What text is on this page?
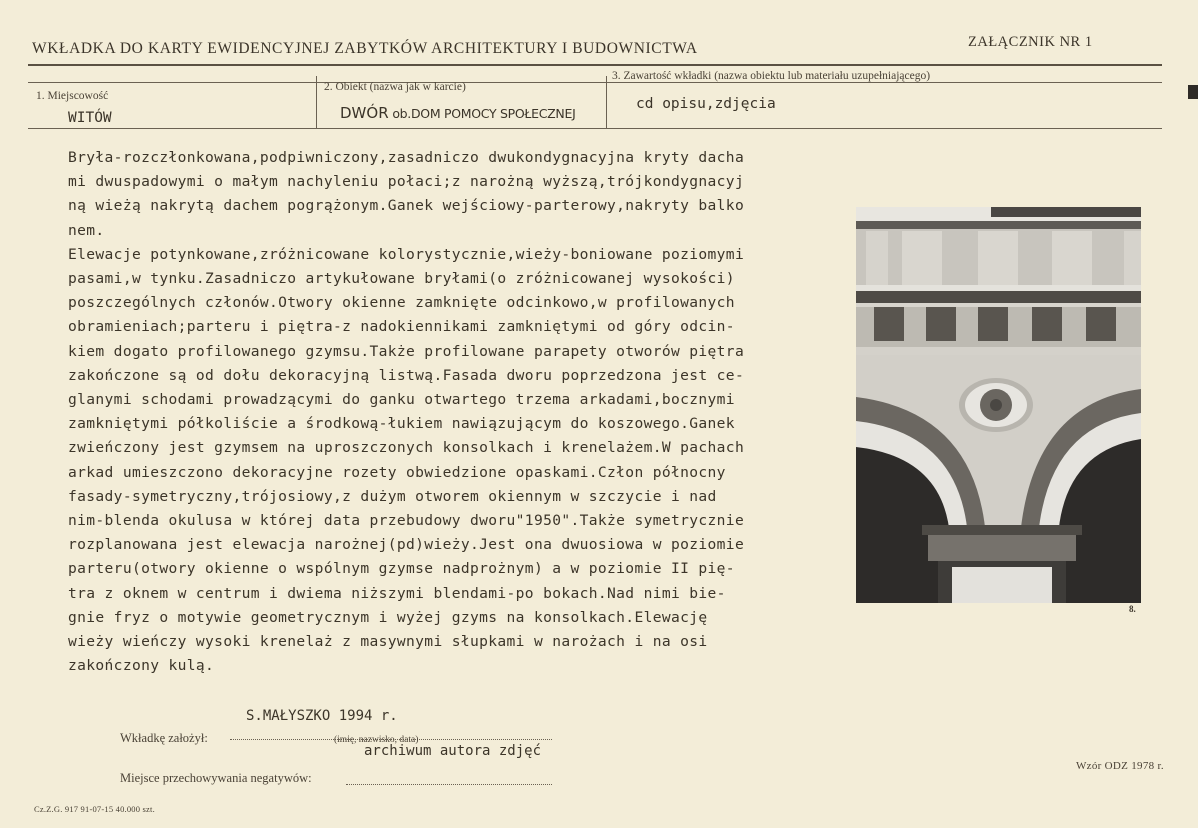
WKŁADKA DO KARTY EWIDENCYJNEJ ZABYTKÓW ARCHITEKTURY I BUDOWNICTWA	ZAŁĄCZNIK NR 1
1. Miejscowość
WITÓW
2. Obiekt (nazwa jak w karcie)
DWÓR ob.DOM POMOCY SPOŁECZNEJ
3. Zawartość wkładki (nazwa obiektu lub materiału uzupełniającego)
cd opisu,zdjęcia
Bryła-rozczłonkowana,podpiwniczony,zasadniczo dwukondygnacyjna kryty dacha
mi dwuspadowymi o małym nachyleniu połaci;z narożną wyższą,trójkondygnacyj
ną wieżą nakrytą dachem pogrążonym.Ganek wejściowy-parterowy,nakryty balko
nem.
Elewacje potynkowane,zróżnicowane kolorystycznie,wieży-boniowane poziomymi
pasami,w tynku.Zasadniczo artykułowane bryłami(o zróżnicowanej wysokości)
poszczególnych członów.Otwory okienne zamknięte odcinkowo,w profilowanych
obramieniach;parteru i piętra-z nadokiennikami zamkniętymi od góry odcin-
kiem dogato profilowanego gzymsu.Także profilowane parapety otworów piętra
zakończone są od dołu dekoracyjną listwą.Fasada dworu poprzedzona jest ce-
glanymi schodami prowadzącymi do ganku otwartego trzema arkadami,bocznymi
zamkniętymi półkoliście a środkową-łukiem nawiązującym do koszowego.Ganek
zwieńczony jest gzymsem na uproszczonych konsolkach i krenelażem.W pachach
arkad umieszczono dekoracyjne rozety obwiedzione opaskami.Człon północny
fasady-symetryczny,trójosiowy,z dużym otworem okiennym w szczycie i nad
nim-blenda okulusa w której data przebudowy dworu"1950".Także symetrycznie
rozplanowana jest elewacja narożnej(pd)wieży.Jest ona dwuosiowa w poziomie
parteru(otwory okienne o wspólnym gzymse nadprożnym) a w poziomie II pię-
tra z oknem w centrum i dwiema niższymi blendami-po bokach.Nad nimi bie-
gnie fryz o motywie geometrycznym i wyżej gzyms na konsolkach.Elewację
wieży wieńczy wysoki krenelaż z masywnymi słupkami w narożach i na osi
zakończony kulą.
S.MAŁYSZKO 1994 r.
Wkładkę założył:	(imię, nazwisko, data)
archiwum autora zdjęć
Miejsce przechowywania negatywów:
Wzór ODZ 1978 r.
Cz.Z.G. 917 91-07-15 40.000 szt.
8.
